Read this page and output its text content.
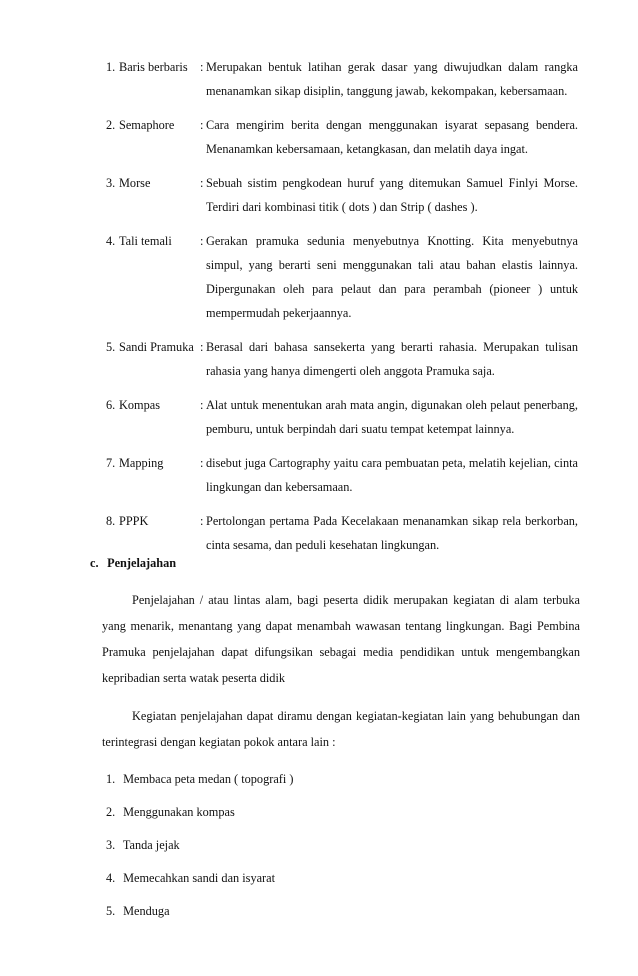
1. Baris berbaris : Merupakan bentuk latihan gerak dasar yang diwujudkan dalam rangka menanamkan sikap disiplin, tanggung jawab, kekompakan, kebersamaan.
2. Semaphore : Cara mengirim berita dengan menggunakan isyarat sepasang bendera. Menanamkan kebersamaan, ketangkasan, dan melatih daya ingat.
3. Morse	: Sebuah sistim pengkodean huruf yang ditemukan Samuel Finlyi Morse. Terdiri dari kombinasi titik ( dots ) dan Strip ( dashes ).
4. Tali temali : Gerakan pramuka sedunia menyebutnya Knotting. Kita menyebutnya simpul, yang berarti seni menggunakan tali atau bahan elastis lainnya. Dipergunakan oleh para pelaut dan para perambah (pioneer ) untuk mempermudah pekerjaannya.
5. Sandi Pramuka : Berasal dari bahasa sansekerta yang berarti rahasia. Merupakan tulisan rahasia yang hanya dimengerti oleh anggota Pramuka saja.
6. Kompas	: Alat untuk menentukan arah mata angin, digunakan oleh pelaut penerbang, pemburu, untuk berpindah dari suatu tempat ketempat lainnya.
7. Mapping	: disebut juga Cartography yaitu cara pembuatan peta, melatih kejelian, cinta lingkungan dan kebersamaan.
8. PPPK	: Pertolongan pertama Pada Kecelakaan menanamkan sikap rela berkorban, cinta sesama, dan peduli kesehatan lingkungan.
c. Penjelajahan
Penjelajahan / atau lintas alam, bagi peserta didik merupakan kegiatan di alam terbuka yang menarik, menantang yang dapat menambah wawasan tentang lingkungan. Bagi Pembina Pramuka penjelajahan dapat difungsikan sebagai media pendidikan untuk mengembangkan kepribadian serta watak peserta didik
Kegiatan penjelajahan dapat diramu dengan kegiatan-kegiatan lain yang behubungan dan terintegrasi dengan kegiatan pokok antara lain :
1. Membaca peta medan ( topografi )
2. Menggunakan kompas
3. Tanda jejak
4. Memecahkan sandi dan isyarat
5. Menduga
